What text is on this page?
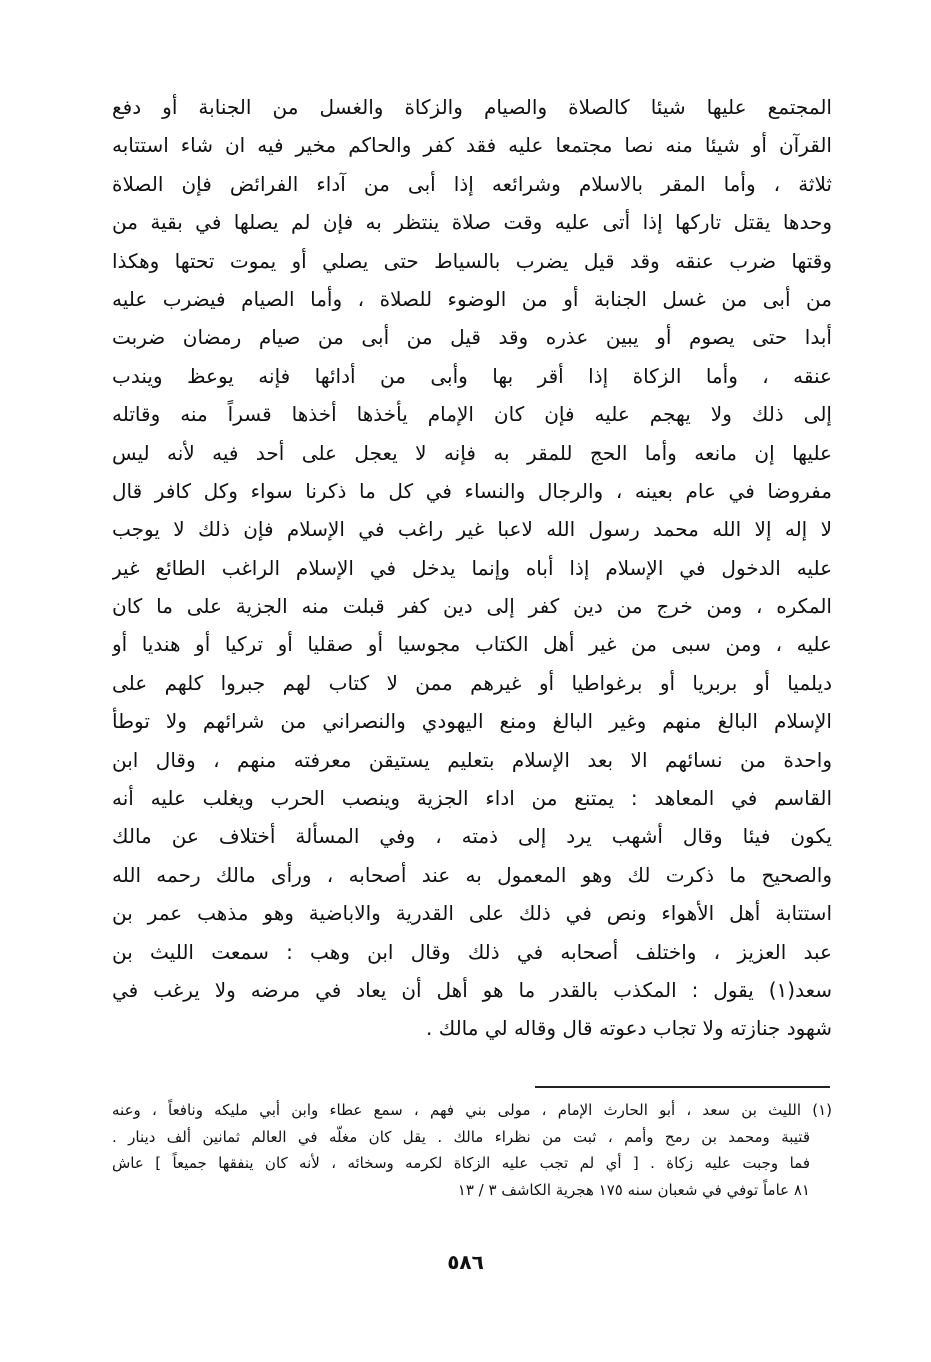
المجتمع عليها شيئا كالصلاة والصيام والزكاة والغسل من الجنابة أو دفع
القرآن أو شيئا منه نصا مجتمعا عليه فقد كفر والحاكم مخير فيه ان شاء استتابه
ثلاثة ، وأما المقر بالاسلام وشرائعه إذا أبى من آداء الفرائض فإن الصلاة
وحدها يقتل تاركها إذا أتى عليه وقت صلاة ينتظر به فإن لم يصلها في بقية من
وقتها ضرب عنقه وقد قيل يضرب بالسياط حتى يصلي أو يموت تحتها وهكذا
من أبى من غسل الجنابة أو من الوضوء للصلاة ، وأما الصيام فيضرب عليه
أبدا حتى يصوم أو يبين عذره وقد قيل من أبى من صيام رمضان ضربت
عنقه ، وأما الزكاة إذا أقر بها وأبى من أدائها فإنه يوعظ ويندب
إلى ذلك ولا يهجم عليه فإن كان الإمام يأخذها أخذها قسراً منه وقاتله
عليها إن مانعه وأما الحج للمقر به فإنه لا يعجل على أحد فيه لأنه ليس
مفروضا في عام بعينه ، والرجال والنساء في كل ما ذكرنا سواء وكل كافر قال
لا إله إلا الله محمد رسول الله لاعبا غير راغب في الإسلام فإن ذلك لا يوجب
عليه الدخول في الإسلام إذا أباه وإنما يدخل في الإسلام الراغب الطائع غير
المكره ، ومن خرج من دين كفر إلى دين كفر قبلت منه الجزية على ما كان
عليه ، ومن سبى من غير أهل الكتاب مجوسيا أو صقليا أو تركيا أو هنديا أو
ديلميا أو بربريا أو برغواطيا أو غيرهم ممن لا كتاب لهم جبروا كلهم على
الإسلام البالغ منهم وغير البالغ ومنع اليهودي والنصراني من شرائهم ولا توطأ
واحدة من نسائهم الا بعد الإسلام بتعليم يستيقن معرفته منهم ، وقال ابن
القاسم في المعاهد : يمتنع من اداء الجزية وينصب الحرب ويغلب عليه أنه
يكون فيئا وقال أشهب يرد إلى ذمته ، وفي المسألة أختلاف عن مالك
والصحيح ما ذكرت لك وهو المعمول به عند أصحابه ، ورأى مالك رحمه الله
استتابة أهل الأهواء ونص في ذلك على القدرية والاباضية وهو مذهب عمر بن
عبد العزيز ، واختلف أصحابه في ذلك وقال ابن وهب : سمعت الليث بن
سعد(١) يقول : المكذب بالقدر ما هو أهل أن يعاد في مرضه ولا يرغب في
شهود جنازته ولا تجاب دعوته قال وقاله لي مالك .
(١) الليث بن سعد ، أبو الحارث الإمام ، مولى بني فهم ، سمع عطاء وابن أبي مليكه ونافعاً ، وعنه
قتيبة ومحمد بن رمح وأمم ، ثبت من نظراء مالك . يقل كان مغلّه في العالم ثمانين ألف دينار .
فما وجبت عليه زكاة . [ أي لم تجب عليه الزكاة لكرمه وسخائه ، لأنه كان ينفقها جميعاً ] عاش
٨١ عاماً توفي في شعبان سنه ١٧٥ هجرية الكاشف ٣ / ١٣
٥٨٦
